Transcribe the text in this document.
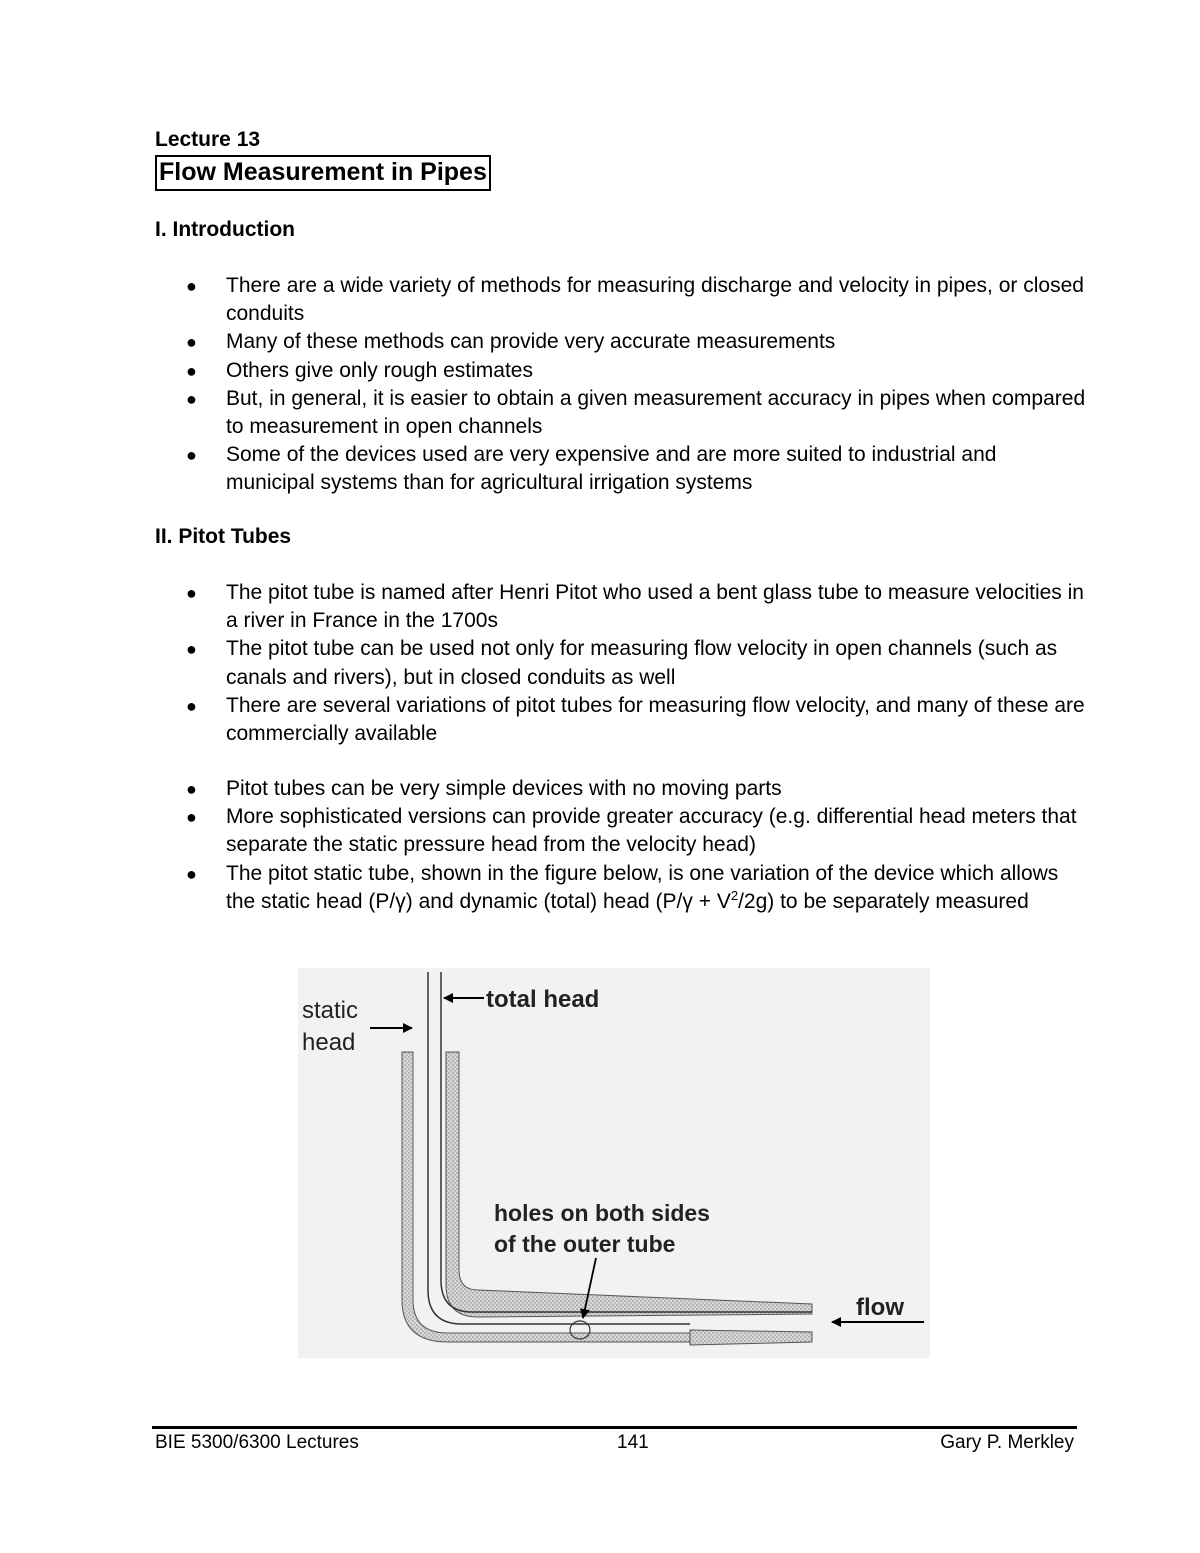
Lecture 13
Flow Measurement in Pipes
I. Introduction
● There are a wide variety of methods for measuring discharge and velocity in pipes, or closed conduits
● Many of these methods can provide very accurate measurements
● Others give only rough estimates
● But, in general, it is easier to obtain a given measurement accuracy in pipes when compared to measurement in open channels
● Some of the devices used are very expensive and are more suited to industrial and municipal systems than for agricultural irrigation systems
II. Pitot Tubes
● The pitot tube is named after Henri Pitot who used a bent glass tube to measure velocities in a river in France in the 1700s
● The pitot tube can be used not only for measuring flow velocity in open channels (such as canals and rivers), but in closed conduits as well
● There are several variations of pitot tubes for measuring flow velocity, and many of these are commercially available
● Pitot tubes can be very simple devices with no moving parts
● More sophisticated versions can provide greater accuracy (e.g. differential head meters that separate the static pressure head from the velocity head)
● The pitot static tube, shown in the figure below, is one variation of the device which allows the static head (P/γ) and dynamic (total) head $(P/\gamma + V^2/2g)$ to be separately measured
static
head
total head
holes on both sides
of the outer tube
flow
BIE 5300/6300 Lectures	141	Gary P. Merkley
